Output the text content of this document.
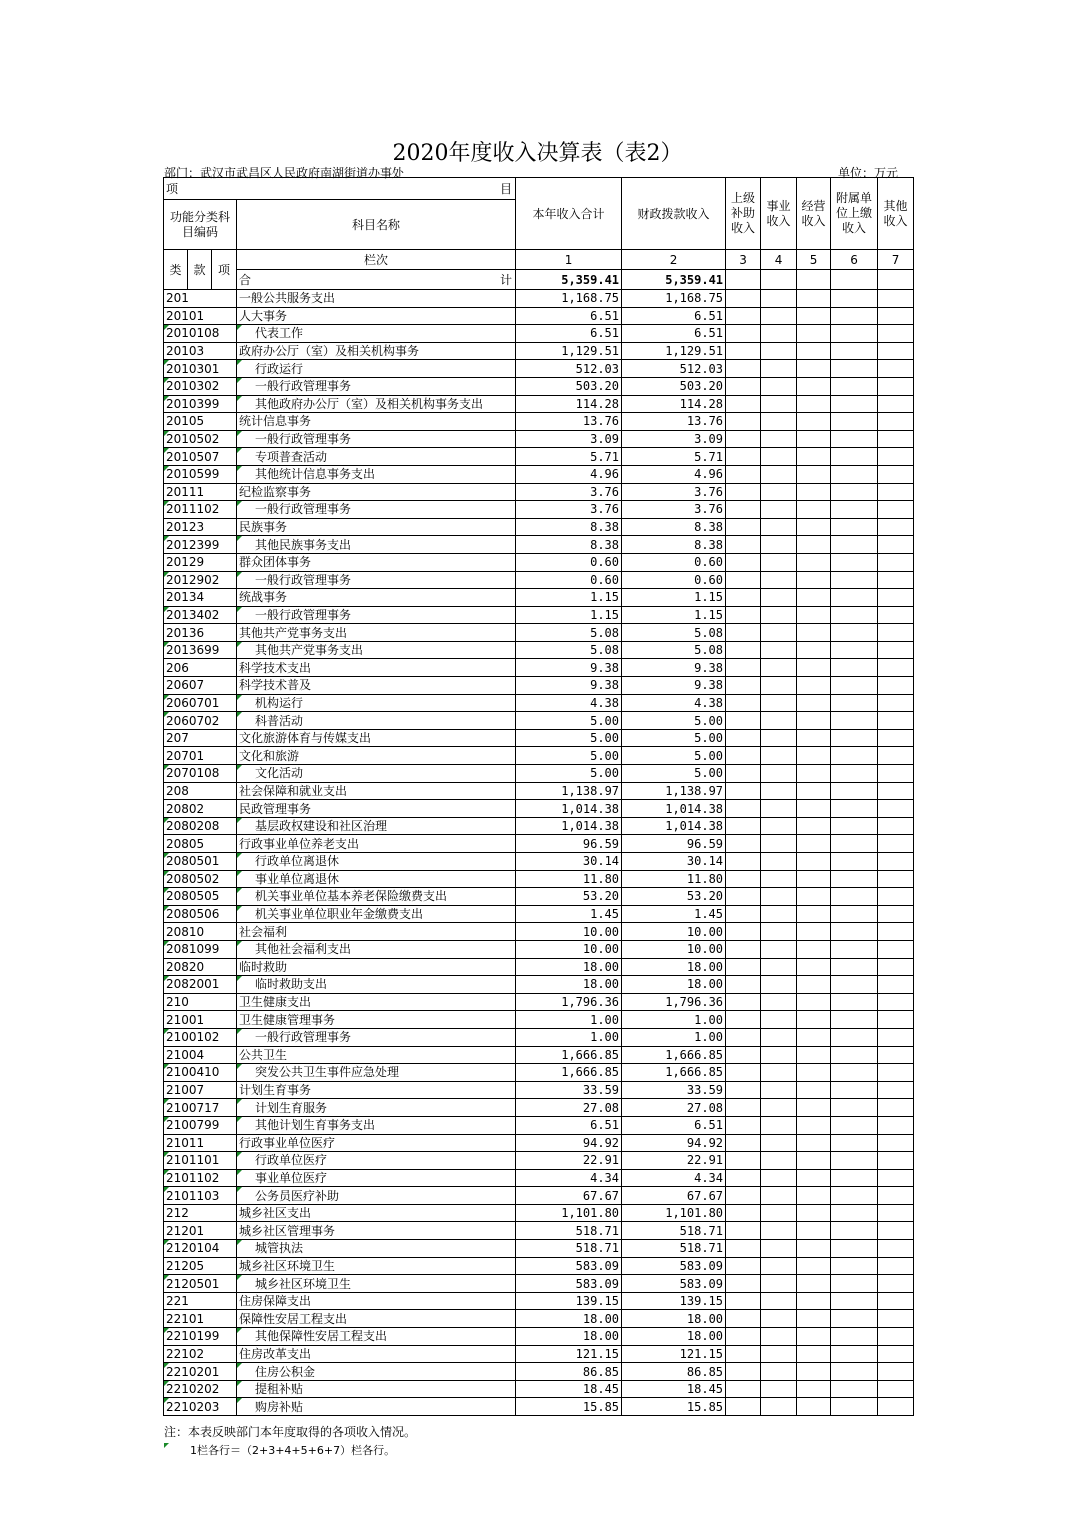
2020年度收入决算表（表2）
部门：武汉市武昌区人民政府南湖街道办事处	单位：万元
项 目				本年收入合计	财政拨款收入	上级补助收入	事业收入	经营收入	附属单位上缴收入	其他收入
功能分类科目编码			科目名称							
类	款	项	栏次	1	2	3	4	5	6	7
			合 计	5,359.41	5,359.41					
201			一般公共服务支出	1,168.75	1,168.75					
20101			人大事务	6.51	6.51					
2010108			代表工作	6.51	6.51					
20103			政府办公厅（室）及相关机构事务	1,129.51	1,129.51					
2010301			行政运行	512.03	512.03					
2010302			一般行政管理事务	503.20	503.20					
2010399			其他政府办公厅（室）及相关机构事务支出	114.28	114.28					
20105			统计信息事务	13.76	13.76					
2010502			一般行政管理事务	3.09	3.09					
2010507			专项普查活动	5.71	5.71					
2010599			其他统计信息事务支出	4.96	4.96					
20111			纪检监察事务	3.76	3.76					
2011102			一般行政管理事务	3.76	3.76					
20123			民族事务	8.38	8.38					
2012399			其他民族事务支出	8.38	8.38					
20129			群众团体事务	0.60	0.60					
2012902			一般行政管理事务	0.60	0.60					
20134			统战事务	1.15	1.15					
2013402			一般行政管理事务	1.15	1.15					
20136			其他共产党事务支出	5.08	5.08					
2013699			其他共产党事务支出	5.08	5.08					
206			科学技术支出	9.38	9.38					
20607			科学技术普及	9.38	9.38					
2060701			机构运行	4.38	4.38					
2060702			科普活动	5.00	5.00					
207			文化旅游体育与传媒支出	5.00	5.00					
20701			文化和旅游	5.00	5.00					
2070108			文化活动	5.00	5.00					
208			社会保障和就业支出	1,138.97	1,138.97					
20802			民政管理事务	1,014.38	1,014.38					
2080208			基层政权建设和社区治理	1,014.38	1,014.38					
20805			行政事业单位养老支出	96.59	96.59					
2080501			行政单位离退休	30.14	30.14					
2080502			事业单位离退休	11.80	11.80					
2080505			机关事业单位基本养老保险缴费支出	53.20	53.20					
2080506			机关事业单位职业年金缴费支出	1.45	1.45					
20810			社会福利	10.00	10.00					
2081099			其他社会福利支出	10.00	10.00					
20820			临时救助	18.00	18.00					
2082001			临时救助支出	18.00	18.00					
210			卫生健康支出	1,796.36	1,796.36					
21001			卫生健康管理事务	1.00	1.00					
2100102			一般行政管理事务	1.00	1.00					
21004			公共卫生	1,666.85	1,666.85					
2100410			突发公共卫生事件应急处理	1,666.85	1,666.85					
21007			计划生育事务	33.59	33.59					
2100717			计划生育服务	27.08	27.08					
2100799			其他计划生育事务支出	6.51	6.51					
21011			行政事业单位医疗	94.92	94.92					
2101101			行政单位医疗	22.91	22.91					
2101102			事业单位医疗	4.34	4.34					
2101103			公务员医疗补助	67.67	67.67					
212			城乡社区支出	1,101.80	1,101.80					
21201			城乡社区管理事务	518.71	518.71					
2120104			城管执法	518.71	518.71					
21205			城乡社区环境卫生	583.09	583.09					
2120501			城乡社区环境卫生	583.09	583.09					
221			住房保障支出	139.15	139.15					
22101			保障性安居工程支出	18.00	18.00					
2210199			其他保障性安居工程支出	18.00	18.00					
22102			住房改革支出	121.15	121.15					
2210201			住房公积金	86.85	86.85					
2210202			提租补贴	18.45	18.45					
2210203			购房补贴	15.85	15.85					
注：本表反映部门本年度取得的各项收入情况。
1栏各行＝（2+3+4+5+6+7）栏各行。
